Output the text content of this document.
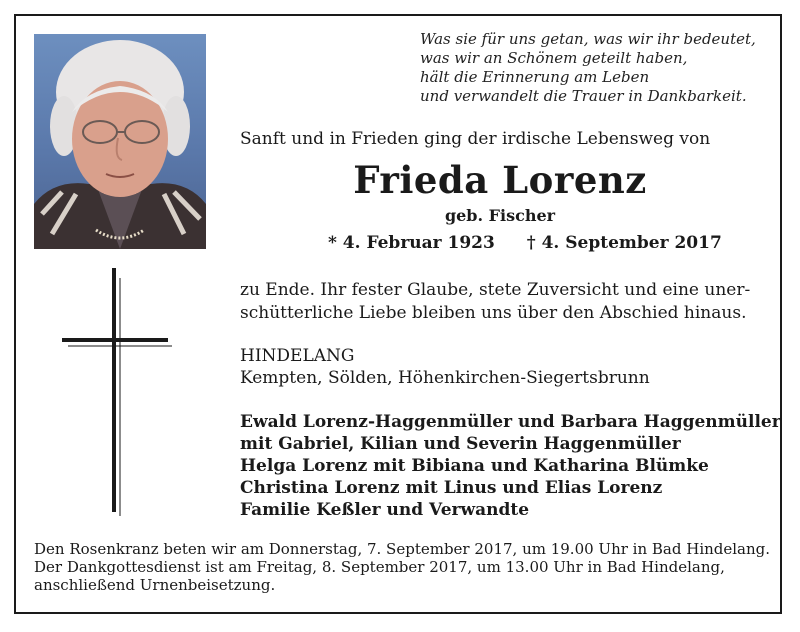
Was sie für uns getan, was wir ihr bedeutet,
was wir an Schönem geteilt haben,
hält die Erinnerung am Leben
und verwandelt die Trauer in Dankbarkeit.
Sanft und in Frieden ging der irdische Lebensweg von
Frieda Lorenz
geb. Fischer
* 4. Februar 1923 † 4. September 2017
zu Ende. Ihr fester Glaube, stete Zuversicht und eine uner-
schütterliche Liebe bleiben uns über den Abschied hinaus.
HINDELANG
Kempten, Sölden, Höhenkirchen-Siegertsbrunn
Ewald Lorenz-Haggenmüller und Barbara Haggenmüller
mit Gabriel, Kilian und Severin Haggenmüller
Helga Lorenz mit Bibiana und Katharina Blümke
Christina Lorenz mit Linus und Elias Lorenz
Familie Keßler und Verwandte
Den Rosenkranz beten wir am Donnerstag, 7. September 2017, um 19.00 Uhr in Bad Hindelang.
Der Dankgottesdienst ist am Freitag, 8. September 2017, um 13.00 Uhr in Bad Hindelang,
anschließend Urnenbeisetzung.
